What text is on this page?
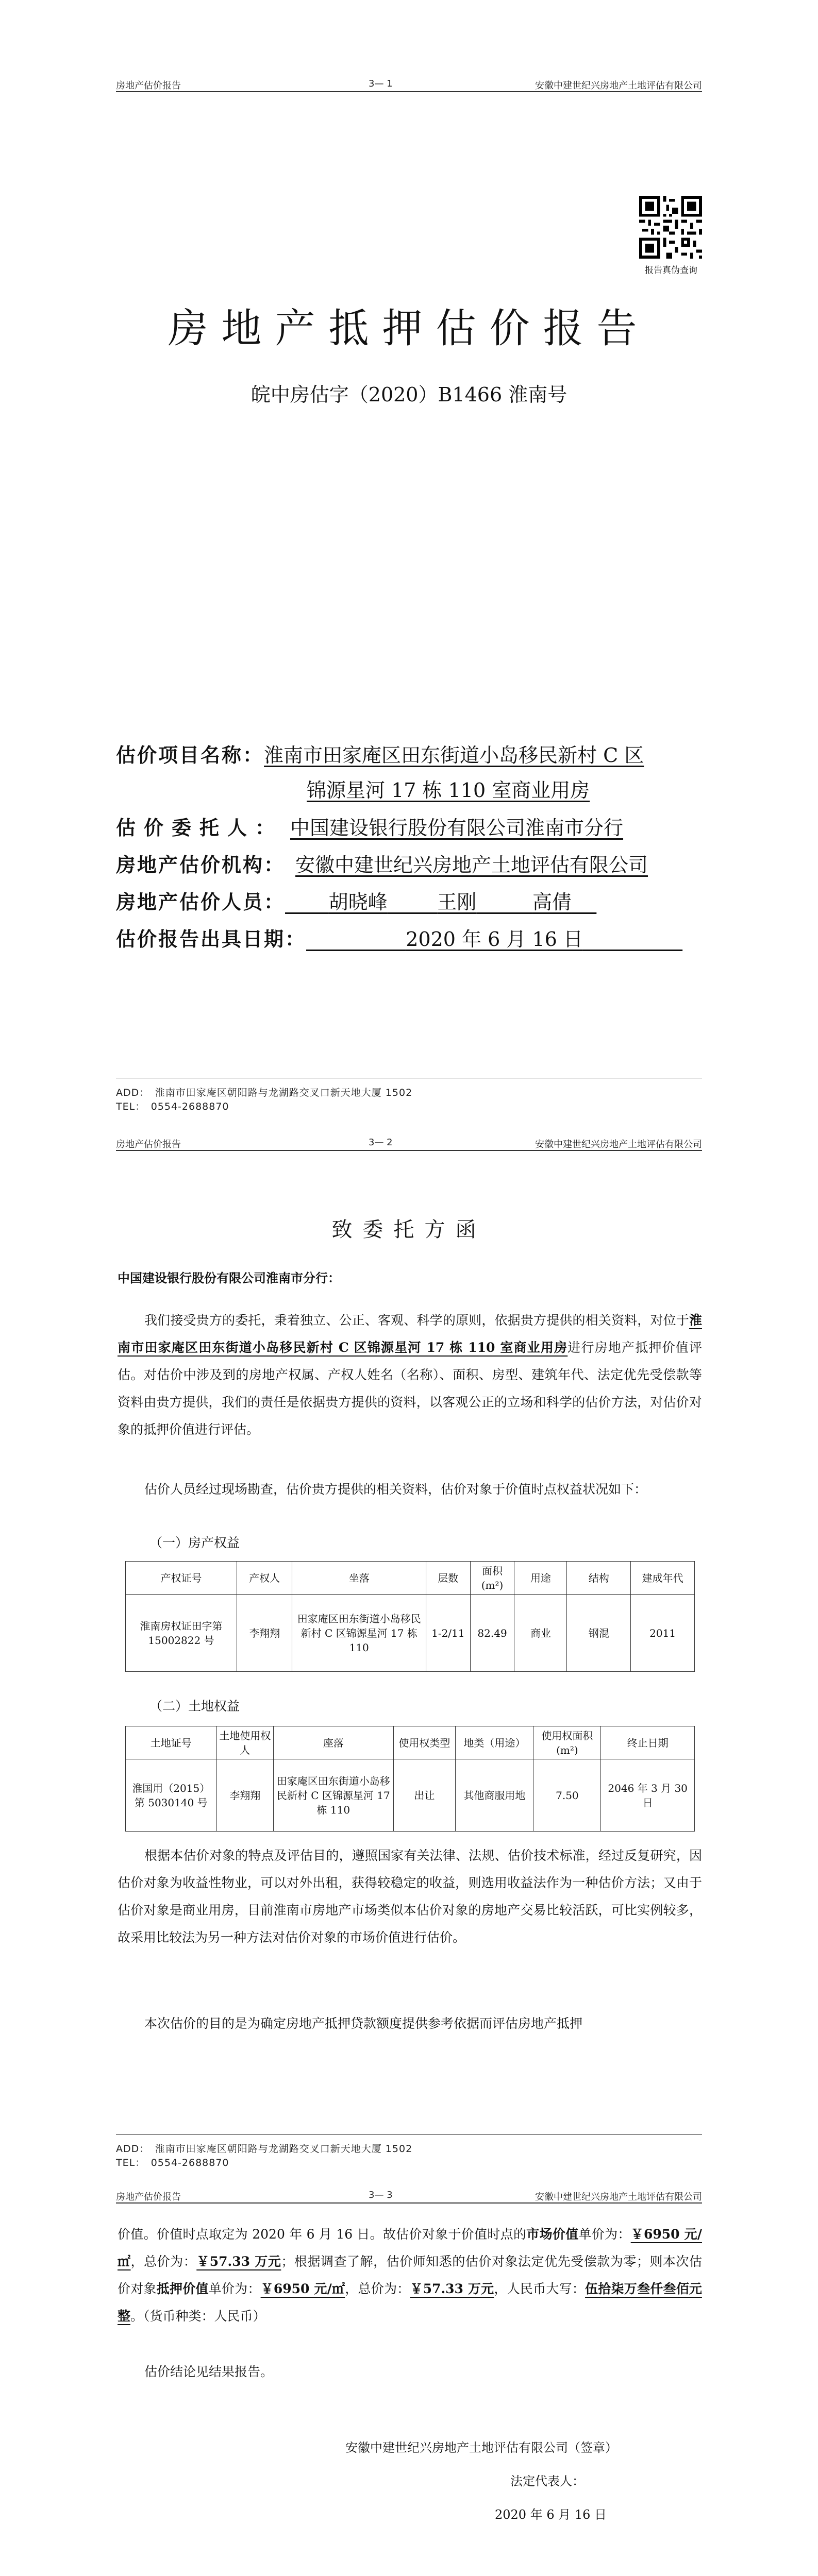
房地产估价报告	3— 1	安徽中建世纪兴房地产土地评估有限公司
报告真伪查询
房地产抵押估价报告
皖中房估字（2020）B1466 淮南号
估价项目名称：淮南市田家庵区田东街道小岛移民新村 C 区
锦源星河 17 栋 110 室商业用房
估价委托人： 中国建设银行股份有限公司淮南市分行
房地产估价机构： 安徽中建世纪兴房地产土地评估有限公司
房地产估价人员： 胡晓峰	王刚	高倩
估价报告出具日期：	2020 年 6 月 16 日
ADD：　淮南市田家庵区朝阳路与龙湖路交叉口新天地大厦 1502
TEL：　0554-2688870
房地产估价报告	3— 2	安徽中建世纪兴房地产土地评估有限公司
致委托方函
中国建设银行股份有限公司淮南市分行：
我们接受贵方的委托，秉着独立、公正、客观、科学的原则，依据贵方提供的相关资料，对位于淮南市田家庵区田东街道小岛移民新村 C 区锦源星河 17 栋 110 室商业用房进行房地产抵押价值评估。对估价中涉及到的房地产权属、产权人姓名（名称）、面积、房型、建筑年代、法定优先受偿款等资料由贵方提供，我们的责任是依据贵方提供的资料，以客观公正的立场和科学的估价方法，对估价对象的抵押价值进行评估。
估价人员经过现场勘查，估价贵方提供的相关资料，估价对象于价值时点权益状况如下：
（一）房产权益
产权证号	产权人	坐落	层数	面积(m²)	用途	结构	建成年代
淮南房权证田字第 15002822 号	李翔翔	田家庵区田东街道小岛移民新村 C 区锦源星河 17 栋 110	1-2/11	82.49	商业	钢混	2011
（二）土地权益
土地证号	土地使用权人	座落	使用权类型	地类（用途）	使用权面积(m²)	终止日期
淮国用（2015）第 5030140 号	李翔翔	田家庵区田东街道小岛移民新村 C 区锦源星河 17 栋 110	出让	其他商服用地	7.50	2046 年 3 月 30 日
根据本估价对象的特点及评估目的，遵照国家有关法律、法规、估价技术标准，经过反复研究，因估价对象为收益性物业，可以对外出租，获得较稳定的收益，则选用收益法作为一种估价方法；又由于估价对象是商业用房，目前淮南市房地产市场类似本估价对象的房地产交易比较活跃，可比实例较多，故采用比较法为另一种方法对估价对象的市场价值进行估价。
本次估价的目的是为确定房地产抵押贷款额度提供参考依据而评估房地产抵押
ADD：　淮南市田家庵区朝阳路与龙湖路交叉口新天地大厦 1502
TEL：　0554-2688870
房地产估价报告	3— 3	安徽中建世纪兴房地产土地评估有限公司
价值。价值时点取定为 2020 年 6 月 16 日。故估价对象于价值时点的市场价值单价为：￥6950 元/㎡，总价为：￥57.33 万元；根据调查了解，估价师知悉的估价对象法定优先受偿款为零；则本次估价对象抵押价值单价为：￥6950 元/㎡，总价为：￥57.33 万元，人民币大写：伍拾柒万叁仟叁佰元整。（货币种类：人民币）
估价结论见结果报告。
安徽中建世纪兴房地产土地评估有限公司（签章）
法定代表人：
2020 年 6 月 16 日
